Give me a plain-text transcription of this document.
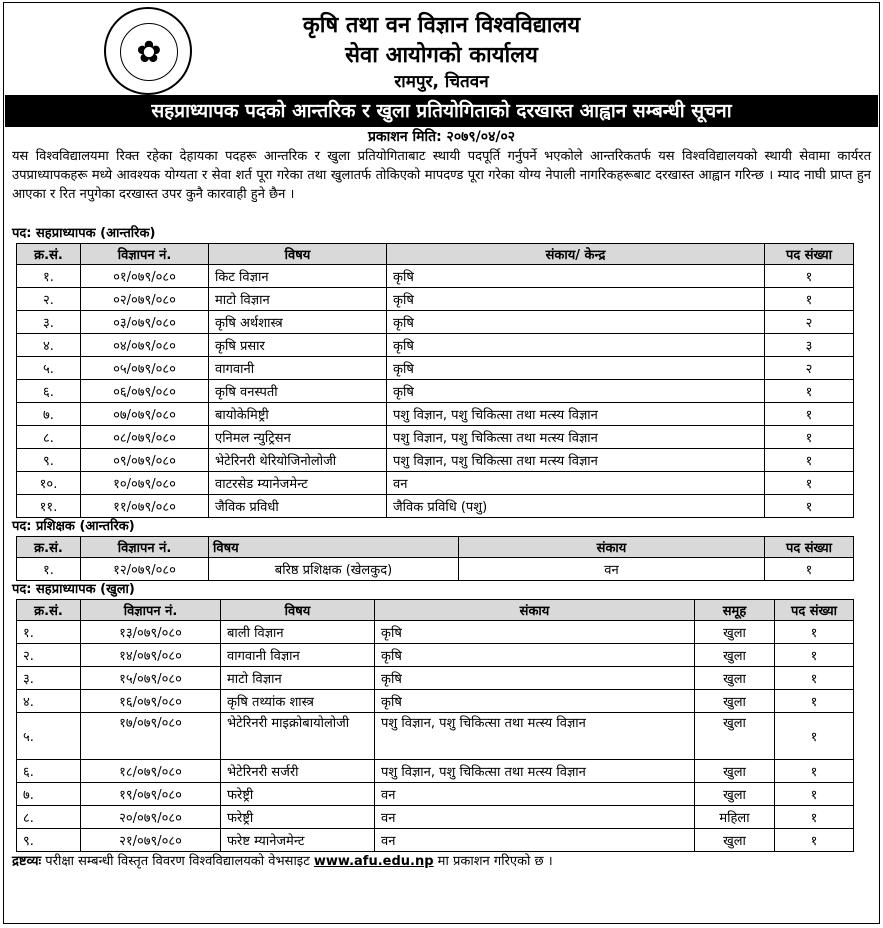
✿
कृषि तथा वन विज्ञान विश्वविद्यालय
सेवा आयोगको कार्यालय
रामपुर, चितवन
सहप्राध्यापक पदको आन्तरिक र खुला प्रतियोगिताको दरखास्त आह्वान सम्बन्धी सूचना
प्रकाशन मिति: २०७९/०४/०२
यस विश्वविद्यालयमा रिक्त रहेका देहायका पदहरू आन्तरिक र खुला प्रतियोगिताबाट स्थायी पदपूर्ति गर्नुपर्ने भएकोले आन्तरिकतर्फ यस विश्वविद्यालयको स्थायी सेवामा कार्यरत उपप्राध्यापकहरू मध्ये आवश्यक योग्यता र सेवा शर्त पूरा गरेका तथा खुलातर्फ तोकिएको मापदण्ड पूरा गरेका योग्य नेपाली नागरिकहरूबाट दरखास्त आह्वान गरिन्छ । म्याद नाघी प्राप्त हुन आएका र रित नपुगेका दरखास्त उपर कुनै कारवाही हुने छैन ।
पद: सहप्राध्यापक (आन्तरिक)
क्र.सं.	विज्ञापन नं.	विषय	संकाय/ केन्द्र	पद संख्या
१.	०१/०७९/०८०	किट विज्ञान	कृषि	१
२.	०२/०७९/०८०	माटो विज्ञान	कृषि	१
३.	०३/०७९/०८०	कृषि अर्थशास्त्र	कृषि	२
४.	०४/०७९/०८०	कृषि प्रसार	कृषि	३
५.	०५/०७९/०८०	वागवानी	कृषि	२
६.	०६/०७९/०८०	कृषि वनस्पती	कृषि	१
७.	०७/०७९/०८०	बायोकेमिष्ट्री	पशु विज्ञान, पशु चिकित्सा तथा मत्स्य विज्ञान	१
८.	०८/०७९/०८०	एनिमल न्युट्रिसन	पशु विज्ञान, पशु चिकित्सा तथा मत्स्य विज्ञान	१
९.	०९/०७९/०८०	भेटेरिनरी थेरियोजिनोलोजी	पशु विज्ञान, पशु चिकित्सा तथा मत्स्य विज्ञान	१
१०.	१०/०७९/०८०	वाटरसेड म्यानेजमेन्ट	वन	१
११.	११/०७९/०८०	जैविक प्रविधी	जैविक प्रविधि (पशु)	१
पद: प्रशिक्षक (आन्तरिक)
क्र.सं.	विज्ञापन नं.	विषय	संकाय	पद संख्या
१.	१२/०७९/०८०	बरिष्ठ प्रशिक्षक (खेलकुद)	वन	१
पद: सहप्राध्यापक (खुला)
क्र.सं.	विज्ञापन नं.	विषय	संकाय	समूह	पद संख्या
१.	१३/०७९/०८०	बाली विज्ञान	कृषि	खुला	१
२.	१४/०७९/०८०	वागवानी विज्ञान	कृषि	खुला	१
३.	१५/०७९/०८०	माटो विज्ञान	कृषि	खुला	१
४.	१६/०७९/०८०	कृषि तथ्यांक शास्त्र	कृषि	खुला	१
५.	१७/०७९/०८०	भेटेरिनरी माइक्रोबायोलोजी	पशु विज्ञान, पशु चिकित्सा तथा मत्स्य विज्ञान	खुला	१
६.	१८/०७९/०८०	भेटेरिनरी सर्जरी	पशु विज्ञान, पशु चिकित्सा तथा मत्स्य विज्ञान	खुला	१
७.	१९/०७९/०८०	फरेष्ट्री	वन	खुला	१
८.	२०/०७९/०८०	फरेष्ट्री	वन	महिला	१
९.	२१/०७९/०८०	फरेष्ट म्यानेजमेन्ट	वन	खुला	१
द्रष्टव्यः परीक्षा सम्बन्धी विस्तृत विवरण विश्वविद्यालयको वेभसाइट www.afu.edu.np मा प्रकाशन गरिएको छ ।
